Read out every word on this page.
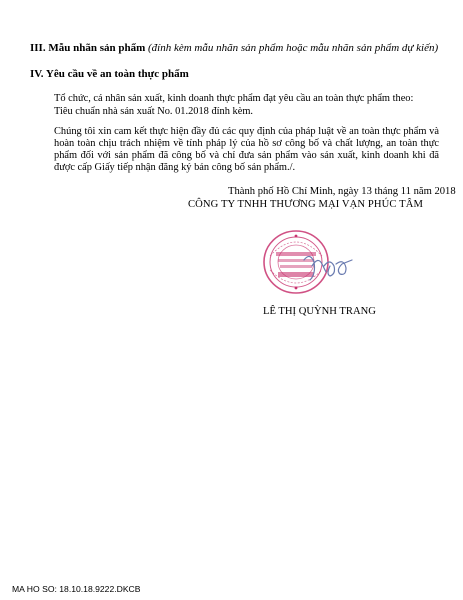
III. Mẫu nhãn sản phẩm (đính kèm mẫu nhãn sản phẩm hoặc mẫu nhãn sản phẩm dự kiến)
IV. Yêu cầu về an toàn thực phẩm
Tổ chức, cá nhân sản xuất, kinh doanh thực phẩm đạt yêu cầu an toàn thực phẩm theo:
Tiêu chuẩn nhà sản xuất No. 01.2018 đính kèm.
Chúng tôi xin cam kết thực hiện đầy đủ các quy định của pháp luật về an toàn thực phẩm và hoàn toàn chịu trách nhiệm về tính pháp lý của hồ sơ công bố và chất lượng, an toàn thực phẩm đối với sản phẩm đã công bố và chỉ đưa sản phẩm vào sản xuất, kinh doanh khi đã được cấp Giấy tiếp nhận đăng ký bản công bố sản phẩm./.
Thành phố Hồ Chí Minh, ngày 13 tháng 11 năm 2018
CÔNG TY TNHH THƯƠNG MẠI VẠN PHÚC TÂM
LÊ THỊ QUỲNH TRANG
MA HO SO: 18.10.18.9222.DKCB
